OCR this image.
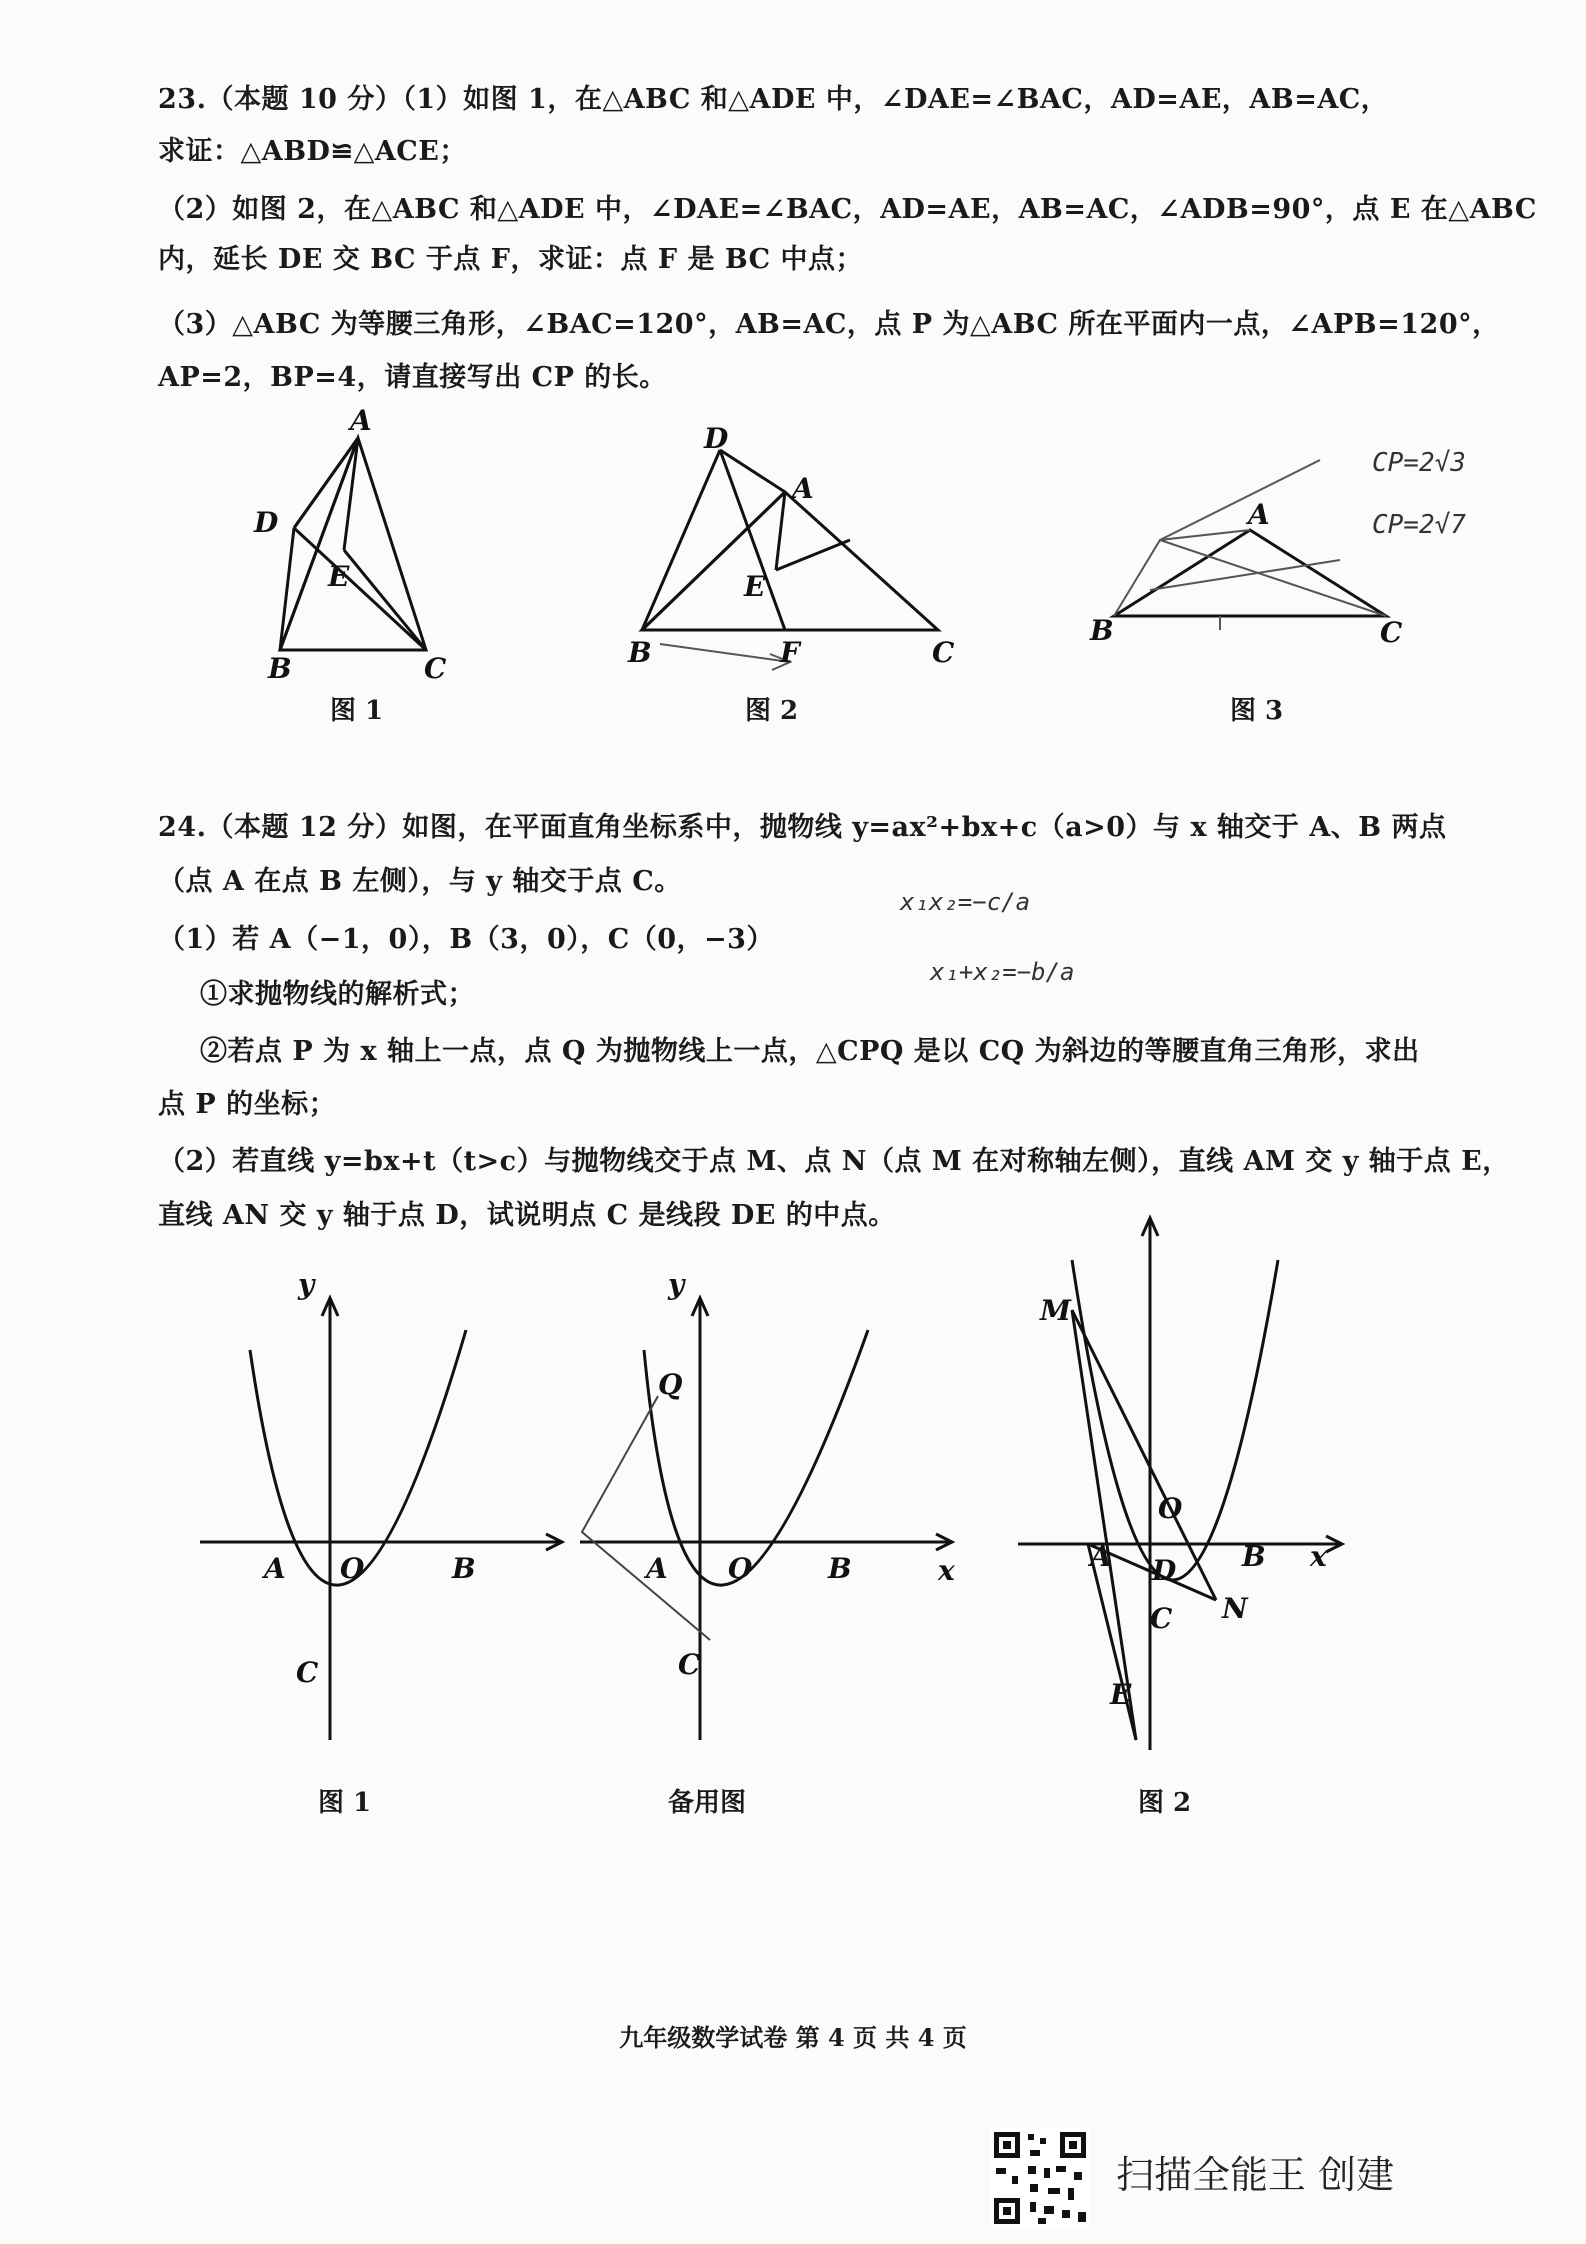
23.（本题 10 分）（1）如图 1，在△ABC 和△ADE 中，∠DAE=∠BAC，AD=AE，AB=AC，
求证：△ABD≌△ACE；
（2）如图 2，在△ABC 和△ADE 中，∠DAE=∠BAC，AD=AE，AB=AC，∠ADB=90°，点 E 在△ABC
内，延长 DE 交 BC 于点 F，求证：点 F 是 BC 中点；
（3）△ABC 为等腰三角形，∠BAC=120°，AB=AC，点 P 为△ABC 所在平面内一点，∠APB=120°，
AP=2，BP=4，请直接写出 CP 的长。
A
D
E
B	C
图 1
D
A
E
B	F	C
图 2
A
B	C
图 3
CP=2√3
CP=2√7
24.（本题 12 分）如图，在平面直角坐标系中，抛物线 y=ax²+bx+c（a>0）与 x 轴交于 A、B 两点
（点 A 在点 B 左侧），与 y 轴交于点 C。
（1）若 A（−1，0），B（3，0），C（0，−3）
①求抛物线的解析式；
②若点 P 为 x 轴上一点，点 Q 为抛物线上一点，△CPQ 是以 CQ 为斜边的等腰直角三角形，求出
点 P 的坐标；
（2）若直线 y=bx+t（t>c）与抛物线交于点 M、点 N（点 M 在对称轴左侧），直线 AM 交 y 轴于点 E，
直线 AN 交 y 轴于点 D，试说明点 C 是线段 DE 的中点。
x₁x₂=−c/a
x₁+x₂=−b/a
y
A O	B
C
图 1
y
Q
A O	B	x
C
备用图
M
O
A D B x
N
C
E
图 2
九年级数学试卷 第 4 页 共 4 页
扫描全能王 创建
